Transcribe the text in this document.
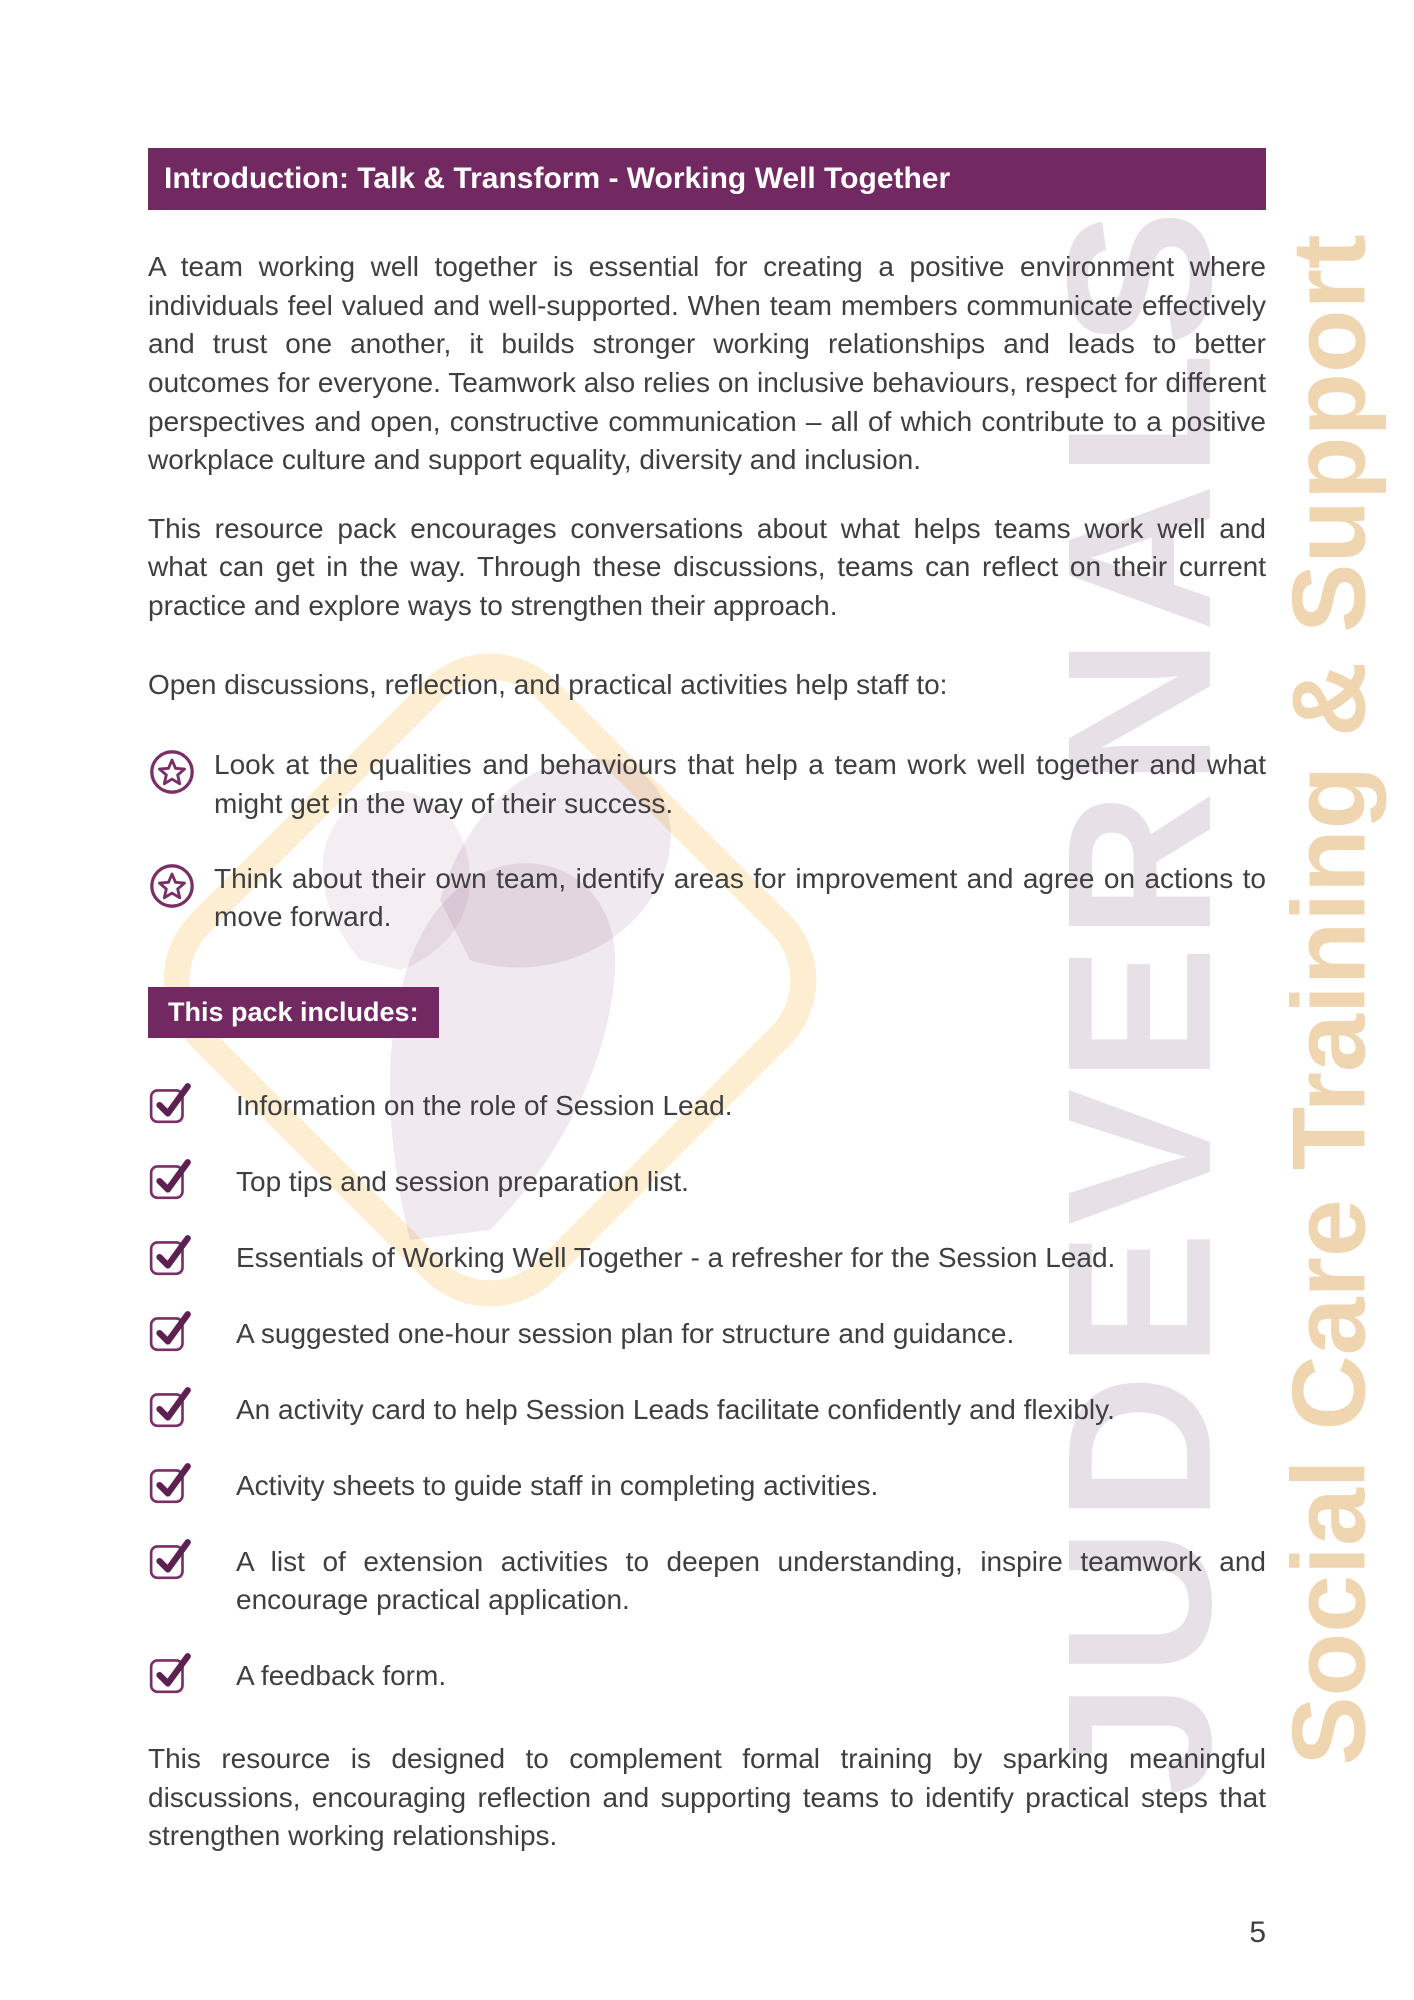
JUDEVERNALS Social Care Training & Support
Introduction: Talk & Transform - Working Well Together

A team working well together is essential for creating a positive environment where individuals feel valued and well-supported. When team members communicate effectively and trust one another, it builds stronger working relationships and leads to better outcomes for everyone. Teamwork also relies on inclusive behaviours, respect for different perspectives and open, constructive communication – all of which contribute to a positive workplace culture and support equality, diversity and inclusion.

This resource pack encourages conversations about what helps teams work well and what can get in the way. Through these discussions, teams can reflect on their current practice and explore ways to strengthen their approach.

Open discussions, reflection, and practical activities help staff to:

Look at the qualities and behaviours that help a team work well together and what might get in the way of their success.
Think about their own team, identify areas for improvement and agree on actions to move forward.
This pack includes:
Information on the role of Session Lead.
Top tips and session preparation list.
Essentials of Working Well Together - a refresher for the Session Lead.
A suggested one-hour session plan for structure and guidance.
An activity card to help Session Leads facilitate confidently and flexibly.
Activity sheets to guide staff in completing activities.
A list of extension activities to deepen understanding, inspire teamwork and encourage practical application.
A feedback form.

This resource is designed to complement formal training by sparking meaningful discussions, encouraging reflection and supporting teams to identify practical steps that strengthen working relationships.

5
